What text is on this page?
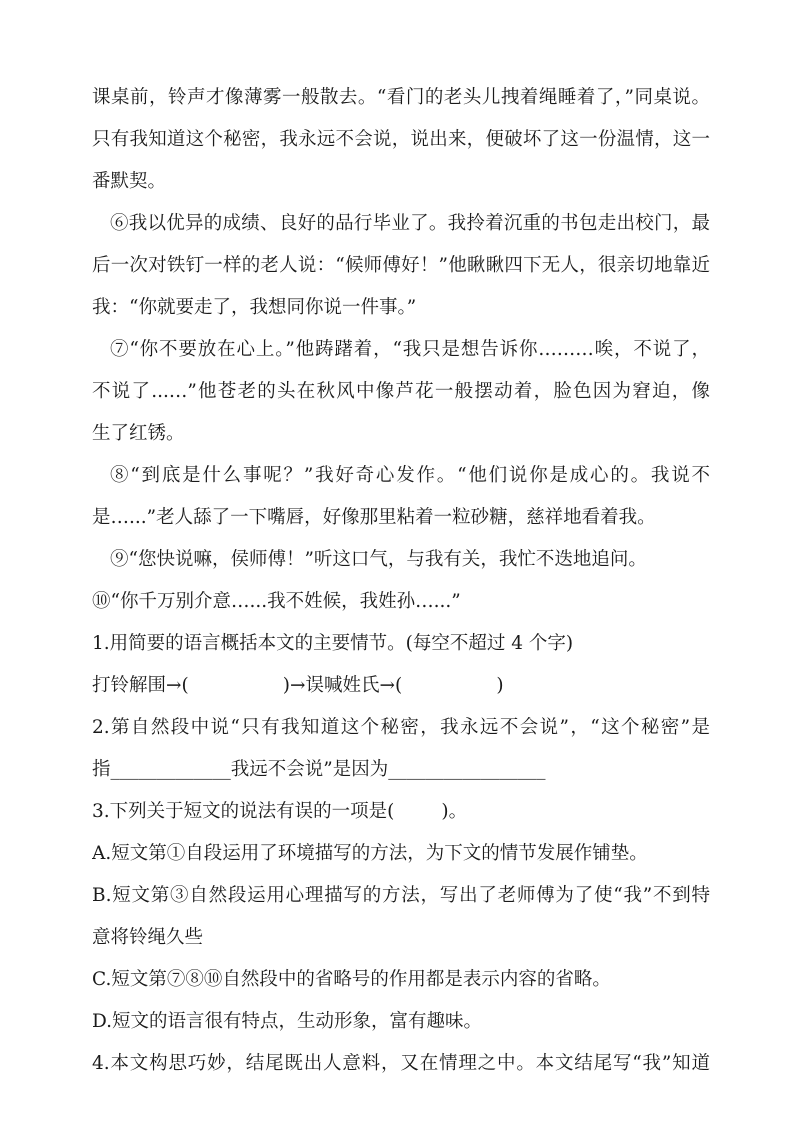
课桌前，铃声才像薄雾一般散去。“看门的老头儿拽着绳睡着了，”同桌说。
只有我知道这个秘密，我永远不会说，说出来，便破坏了这一份温情，这一
番默契。
⑥我以优异的成绩、良好的品行毕业了。我拎着沉重的书包走出校门，最
后一次对铁钉一样的老人说：“候师傅好！”他瞅瞅四下无人，很亲切地靠近
我：“你就要走了，我想同你说一件事。”
⑦“你不要放在心上。”他踌躇着，“我只是想告诉你………唉，不说了，
不说了...…”他苍老的头在秋风中像芦花一般摆动着，脸色因为窘迫，像
生了红锈。
⑧“到底是什么事呢？”我好奇心发作。“他们说你是成心的。我说不
是…...”老人舔了一下嘴唇，好像那里粘着一粒砂糖，慈祥地看着我。
⑨“您快说嘛，侯师傅！”听这口气，与我有关，我忙不迭地追问。
⑩“你千万别介意…...我不姓候，我姓孙…...”
1.用简要的语言概括本文的主要情节。(每空不超过 4 个字)
打铃解围→(                )→误喊姓氏→(                )
2.第自然段中说“只有我知道这个秘密，我永远不会说”，“这个秘密”是
指_____________我远不会说”是因为_________________
3.下列关于短文的说法有误的一项是(        )。
A.短文第①自段运用了环境描写的方法，为下文的情节发展作铺垫。
B.短文第③自然段运用心理描写的方法，写出了老师傅为了使“我”不到特
意将铃绳久些
C.短文第⑦⑧⑩自然段中的省略号的作用都是表示内容的省略。
D.短文的语言很有特点，生动形象，富有趣味。
4.本文构思巧妙，结尾既出人意料，又在情理之中。本文结尾写“我”知道
